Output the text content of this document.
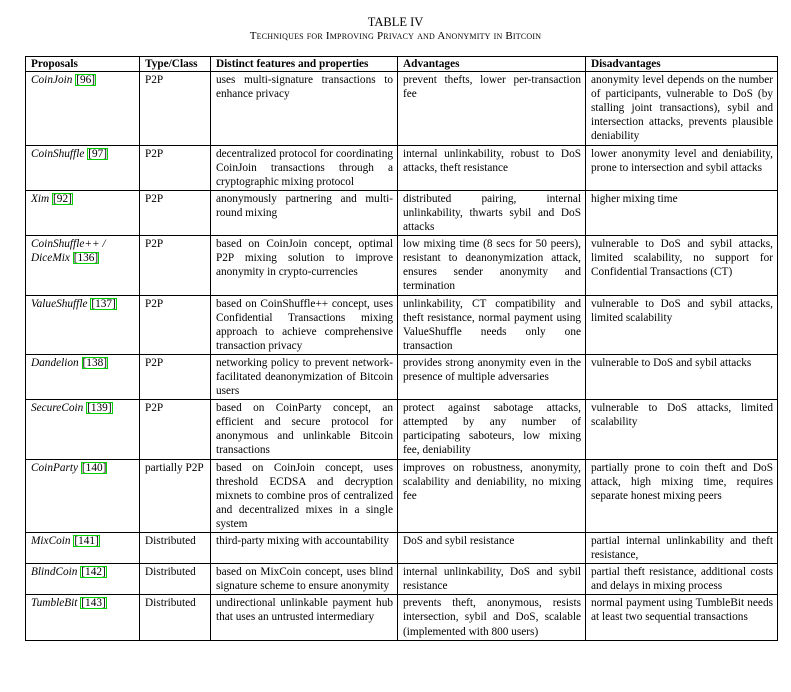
TABLE IV
Techniques for Improving Privacy and Anonymity in Bitcoin
Proposals	Type/Class	Distinct features and properties	Advantages	Disadvantages
CoinJoin [96]	P2P	uses multi-signature transactions to enhance privacy	prevent thefts, lower per-transaction fee	anonymity level depends on the number of participants, vulnerable to DoS (by stalling joint transactions), sybil and intersection attacks, prevents plausible deniability
CoinShuffle [97]	P2P	decentralized protocol for coordinating CoinJoin transactions through a cryptographic mixing protocol	internal unlinkability, robust to DoS attacks, theft resistance	lower anonymity level and deniability, prone to intersection and sybil attacks
Xim [92]	P2P	anonymously partnering and multi-round mixing	distributed pairing, internal unlinkability, thwarts sybil and DoS attacks	higher mixing time
CoinShuffle++ / DiceMix [136]	P2P	based on CoinJoin concept, optimal P2P mixing solution to improve anonymity in crypto-currencies	low mixing time (8 secs for 50 peers), resistant to deanonymization attack, ensures sender anonymity and termination	vulnerable to DoS and sybil attacks, limited scalability, no support for Confidential Transactions (CT)
ValueShuffle [137]	P2P	based on CoinShuffle++ concept, uses Confidential Transactions mixing approach to achieve comprehensive transaction privacy	unlinkability, CT compatibility and theft resistance, normal payment using ValueShuffle needs only one transaction	vulnerable to DoS and sybil attacks, limited scalability
Dandelion [138]	P2P	networking policy to prevent network-facilitated deanonymization of Bitcoin users	provides strong anonymity even in the presence of multiple adversaries	vulnerable to DoS and sybil attacks
SecureCoin [139]	P2P	based on CoinParty concept, an efficient and secure protocol for anonymous and unlinkable Bitcoin transactions	protect against sabotage attacks, attempted by any number of participating saboteurs, low mixing fee, deniability	vulnerable to DoS attacks, limited scalability
CoinParty [140]	partially P2P	based on CoinJoin concept, uses threshold ECDSA and decryption mixnets to combine pros of centralized and decentralized mixes in a single system	improves on robustness, anonymity, scalability and deniability, no mixing fee	partially prone to coin theft and DoS attack, high mixing time, requires separate honest mixing peers
MixCoin [141]	Distributed	third-party mixing with accountability	DoS and sybil resistance	partial internal unlinkability and theft resistance,
BlindCoin [142]	Distributed	based on MixCoin concept, uses blind signature scheme to ensure anonymity	internal unlinkability, DoS and sybil resistance	partial theft resistance, additional costs and delays in mixing process
TumbleBit [143]	Distributed	undirectional unlinkable payment hub that uses an untrusted intermediary	prevents theft, anonymous, resists intersection, sybil and DoS, scalable (implemented with 800 users)	normal payment using TumbleBit needs at least two sequential transactions
